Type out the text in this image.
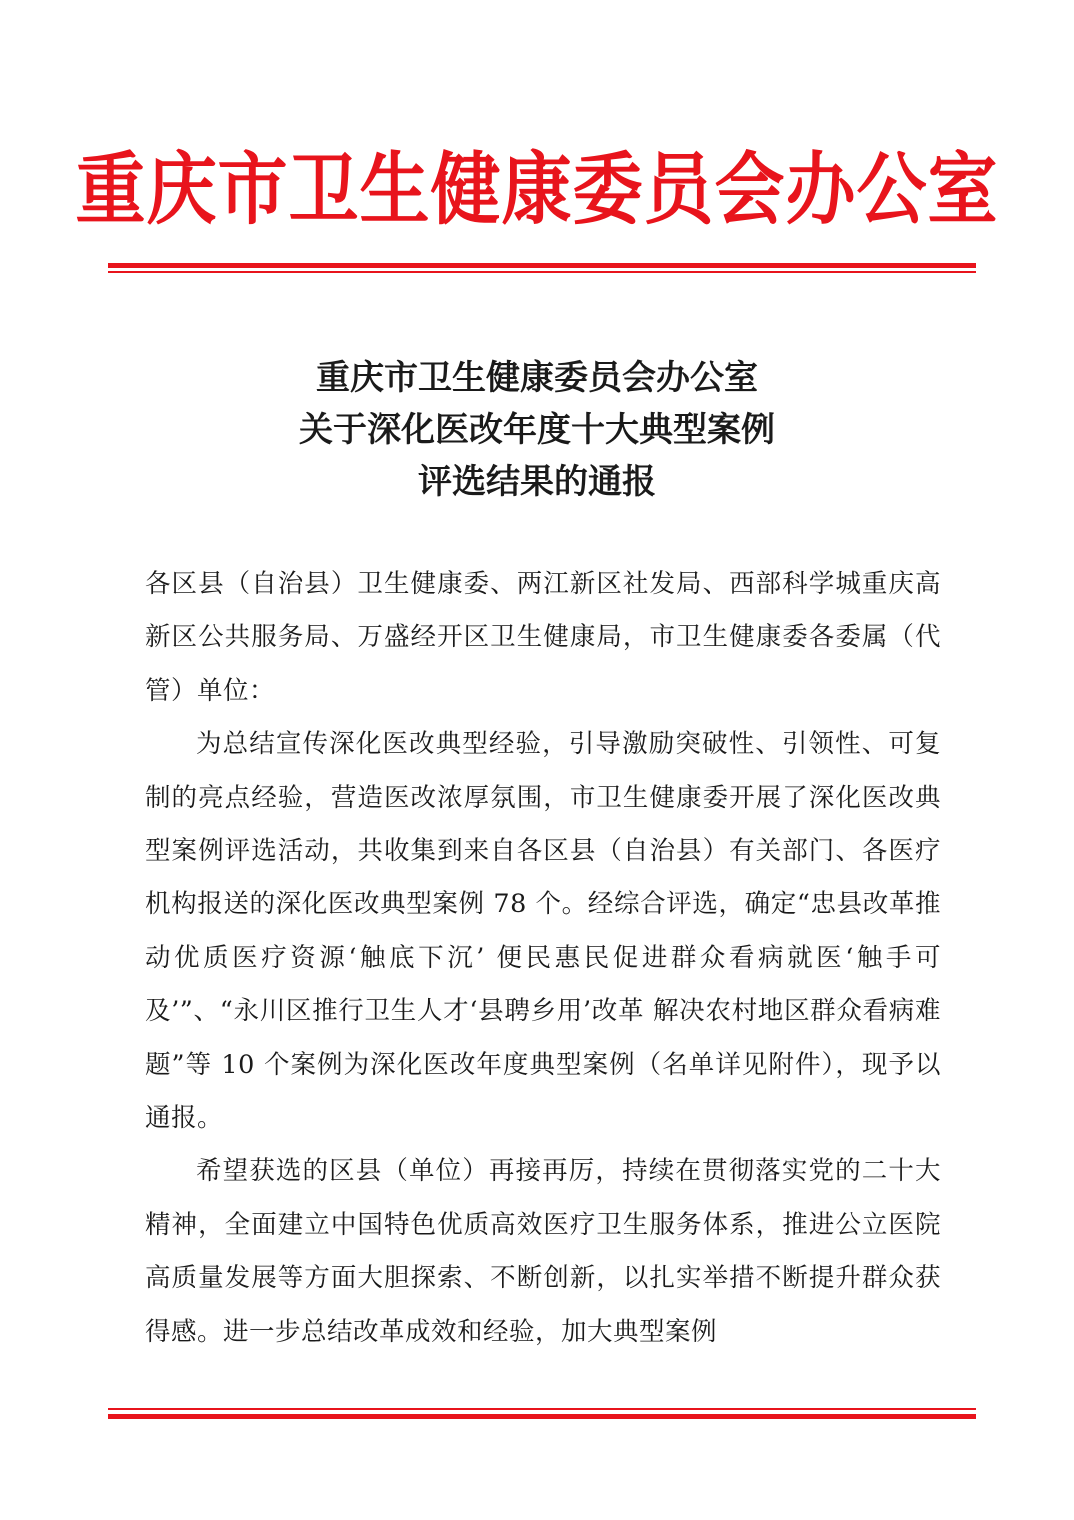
重庆市卫生健康委员会办公室
重庆市卫生健康委员会办公室
关于深化医改年度十大典型案例
评选结果的通报

各区县（自治县）卫生健康委、两江新区社发局、西部科学城重庆高新区公共服务局、万盛经开区卫生健康局，市卫生健康委各委属（代管）单位：

为总结宣传深化医改典型经验，引导激励突破性、引领性、可复制的亮点经验，营造医改浓厚氛围，市卫生健康委开展了深化医改典型案例评选活动，共收集到来自各区县（自治县）有关部门、各医疗机构报送的深化医改典型案例 78 个。经综合评选，确定“忠县改革推动优质医疗资源‘触底下沉’ 便民惠民促进群众看病就医‘触手可及’”、“永川区推行卫生人才‘县聘乡用’改革 解决农村地区群众看病难题”等 10 个案例为深化医改年度典型案例（名单详见附件），现予以通报。

希望获选的区县（单位）再接再厉，持续在贯彻落实党的二十大精神，全面建立中国特色优质高效医疗卫生服务体系，推进公立医院高质量发展等方面大胆探索、不断创新，以扎实举措不断提升群众获得感。进一步总结改革成效和经验，加大典型案例
